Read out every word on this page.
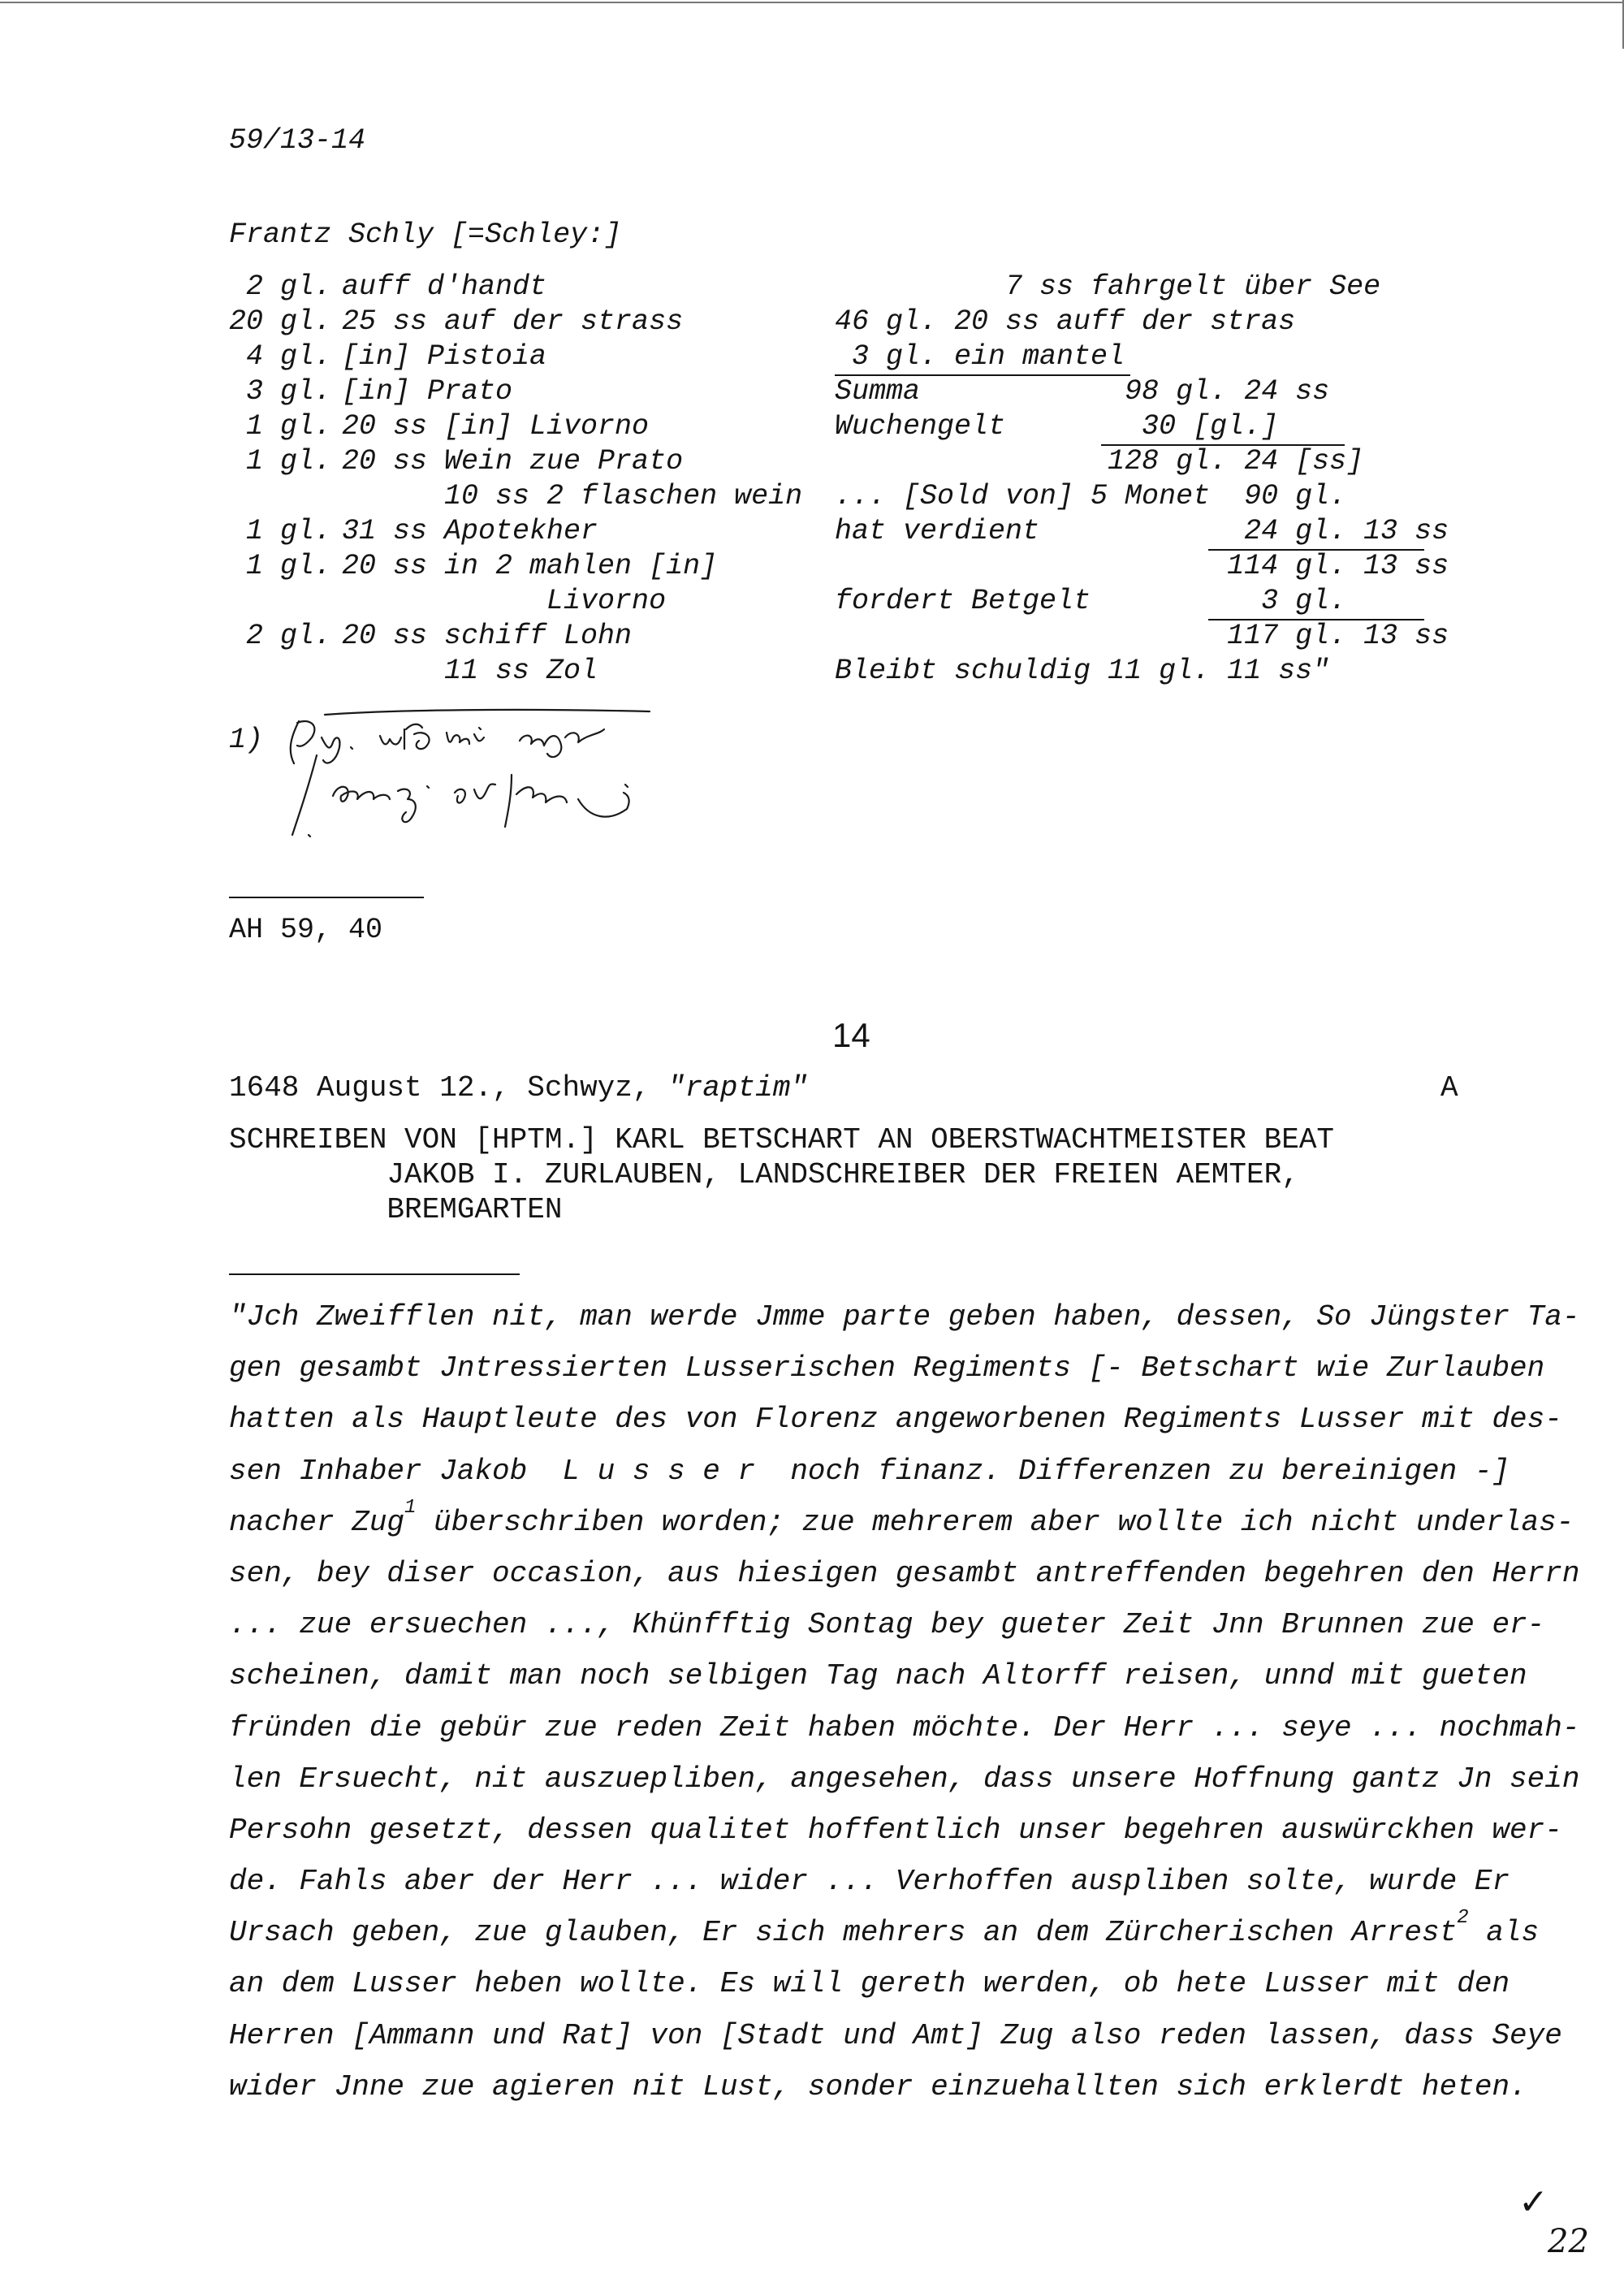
59/13-14
Frantz Schly [=Schley:]
2 gl.
auff d'handt
20 gl.
25 ss auf der strass
4 gl.
[in] Pistoia
3 gl.
[in] Prato
1 gl.
20 ss [in] Livorno
1 gl.
20 ss Wein zue Prato
10 ss 2 flaschen wein
1 gl.
31 ss Apotekher
1 gl.
20 ss in 2 mahlen [in]
Livorno
2 gl.
20 ss schiff Lohn
11 ss Zol
7 ss fahrgelt über See
46 gl. 20 ss auff der stras
3 gl. ein mantel
Summa            98 gl. 24 ss
Wuchengelt        30 [gl.]
128 gl. 24 [ss]
... [Sold von] 5 Monet  90 gl.
hat verdient            24 gl. 13 ss
114 gl. 13 ss
fordert Betgelt          3 gl.
117 gl. 13 ss
Bleibt schuldig 11 gl. 11 ss"
1)
AH 59, 40
14
1648 August 12., Schwyz, "raptim"	A
SCHREIBEN VON [HPTM.] KARL BETSCHART AN OBERSTWACHTMEISTER BEAT
JAKOB I. ZURLAUBEN, LANDSCHREIBER DER FREIEN AEMTER,
BREMGARTEN
"Jch Zweifflen nit, man werde Jmme parte geben haben, dessen, So Jüngster Ta-
gen gesambt Jntressierten Lusserischen Regiments [- Betschart wie Zurlauben
hatten als Hauptleute des von Florenz angeworbenen Regiments Lusser mit des-
sen Inhaber Jakob  L u s s e r  noch finanz. Differenzen zu bereinigen -]
nacher Zug$^1$ überschriben worden; zue mehrerem aber wollte ich nicht underlas-
sen, bey diser occasion, aus hiesigen gesambt antreffenden begehren den Herrn
... zue ersuechen ..., Khünfftig Sontag bey gueter Zeit Jnn Brunnen zue er-
scheinen, damit man noch selbigen Tag nach Altorff reisen, unnd mit gueten
fründen die gebür zue reden Zeit haben möchte. Der Herr ... seye ... nochmah-
len Ersuecht, nit auszuepliben, angesehen, dass unsere Hoffnung gantz Jn sein
Persohn gesetzt, dessen qualitet hoffentlich unser begehren auswürckhen wer-
de. Fahls aber der Herr ... wider ... Verhoffen auspliben solte, wurde Er
Ursach geben, zue glauben, Er sich mehrers an dem Zürcherischen Arrest$^2$ als
an dem Lusser heben wollte. Es will gereth werden, ob hete Lusser mit den
Herren [Ammann und Rat] von [Stadt und Amt] Zug also reden lassen, dass Seye
wider Jnne zue agieren nit Lust, sonder einzuehallten sich erklerdt heten.
✓
22
